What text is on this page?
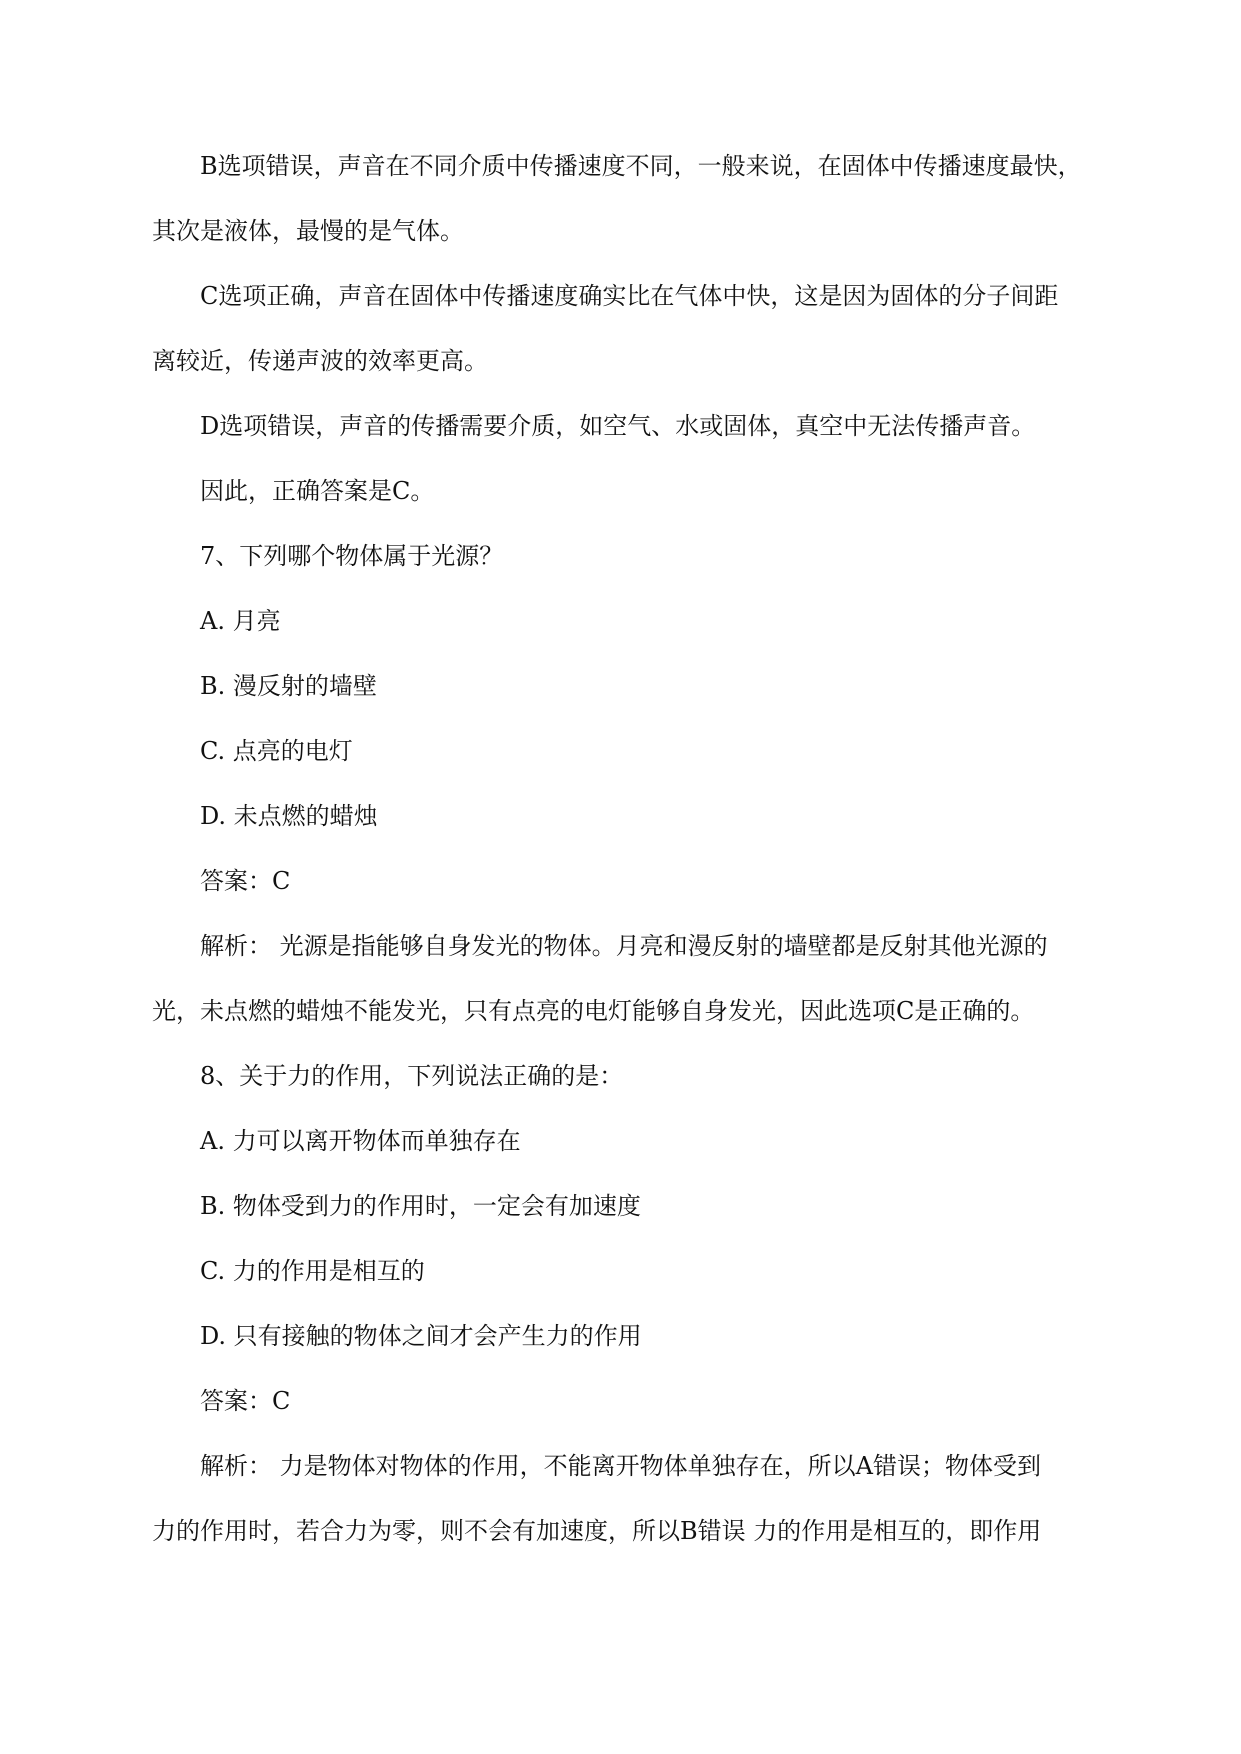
B选项错误，声音在不同介质中传播速度不同，一般来说，在固体中传播速度最快，
其次是液体，最慢的是气体。
C选项正确，声音在固体中传播速度确实比在气体中快，这是因为固体的分子间距
离较近，传递声波的效率更高。
D选项错误，声音的传播需要介质，如空气、水或固体，真空中无法传播声音。
因此，正确答案是C。
7、下列哪个物体属于光源？
A. 月亮
B. 漫反射的墙壁
C. 点亮的电灯
D. 未点燃的蜡烛
答案：C
解析： 光源是指能够自身发光的物体。月亮和漫反射的墙壁都是反射其他光源的
光，未点燃的蜡烛不能发光，只有点亮的电灯能够自身发光，因此选项C是正确的。
8、关于力的作用，下列说法正确的是：
A. 力可以离开物体而单独存在
B. 物体受到力的作用时，一定会有加速度
C. 力的作用是相互的
D. 只有接触的物体之间才会产生力的作用
答案：C
解析： 力是物体对物体的作用，不能离开物体单独存在，所以A错误；物体受到
力的作用时，若合力为零，则不会有加速度，所以B错误 力的作用是相互的，即作用
